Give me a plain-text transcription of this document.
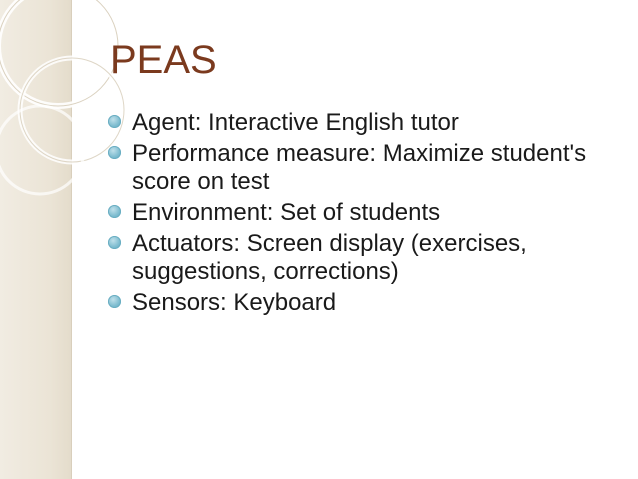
PEAS
Agent: Interactive English tutor
Performance measure: Maximize student's score on test
Environment: Set of students
Actuators: Screen display (exercises, suggestions, corrections)
Sensors: Keyboard
